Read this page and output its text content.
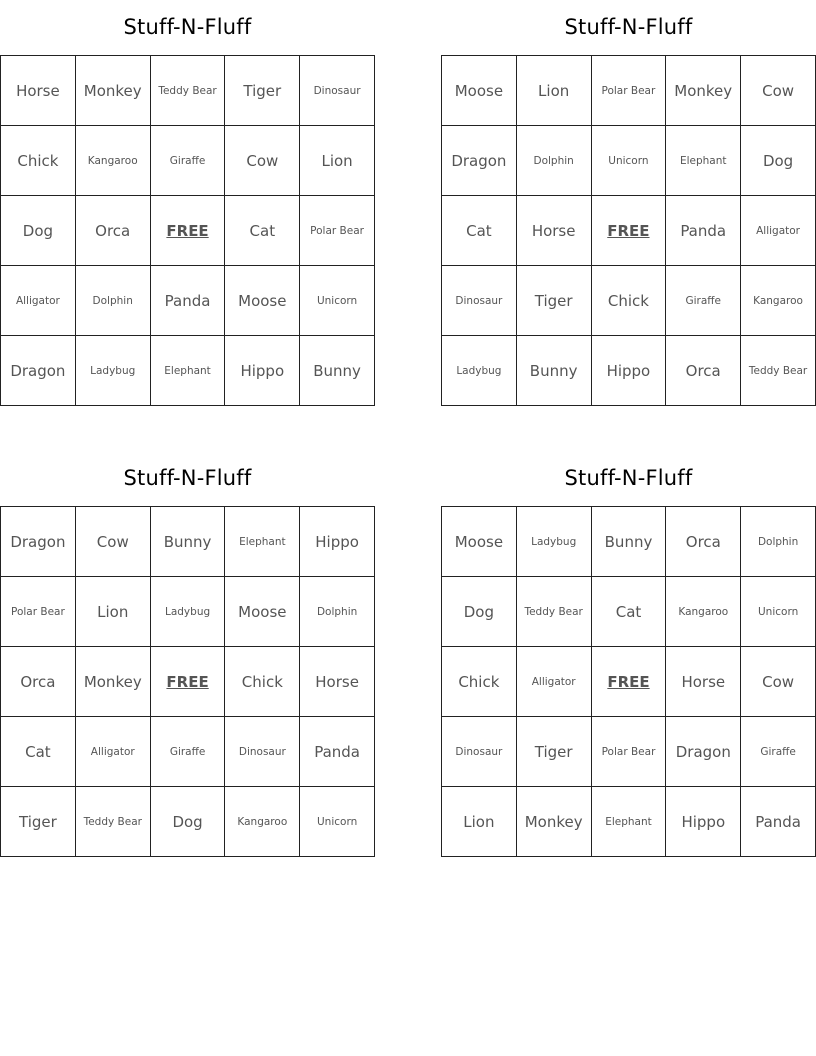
Stuff-N-Fluff
Horse	Monkey	Teddy Bear	Tiger	Dinosaur
Chick	Kangaroo	Giraffe	Cow	Lion
Dog	Orca	FREE	Cat	Polar Bear
Alligator	Dolphin	Panda	Moose	Unicorn
Dragon	Ladybug	Elephant	Hippo	Bunny
Stuff-N-Fluff
Moose	Lion	Polar Bear	Monkey	Cow
Dragon	Dolphin	Unicorn	Elephant	Dog
Cat	Horse	FREE	Panda	Alligator
Dinosaur	Tiger	Chick	Giraffe	Kangaroo
Ladybug	Bunny	Hippo	Orca	Teddy Bear
Stuff-N-Fluff
Dragon	Cow	Bunny	Elephant	Hippo
Polar Bear	Lion	Ladybug	Moose	Dolphin
Orca	Monkey	FREE	Chick	Horse
Cat	Alligator	Giraffe	Dinosaur	Panda
Tiger	Teddy Bear	Dog	Kangaroo	Unicorn
Stuff-N-Fluff
Moose	Ladybug	Bunny	Orca	Dolphin
Dog	Teddy Bear	Cat	Kangaroo	Unicorn
Chick	Alligator	FREE	Horse	Cow
Dinosaur	Tiger	Polar Bear	Dragon	Giraffe
Lion	Monkey	Elephant	Hippo	Panda
